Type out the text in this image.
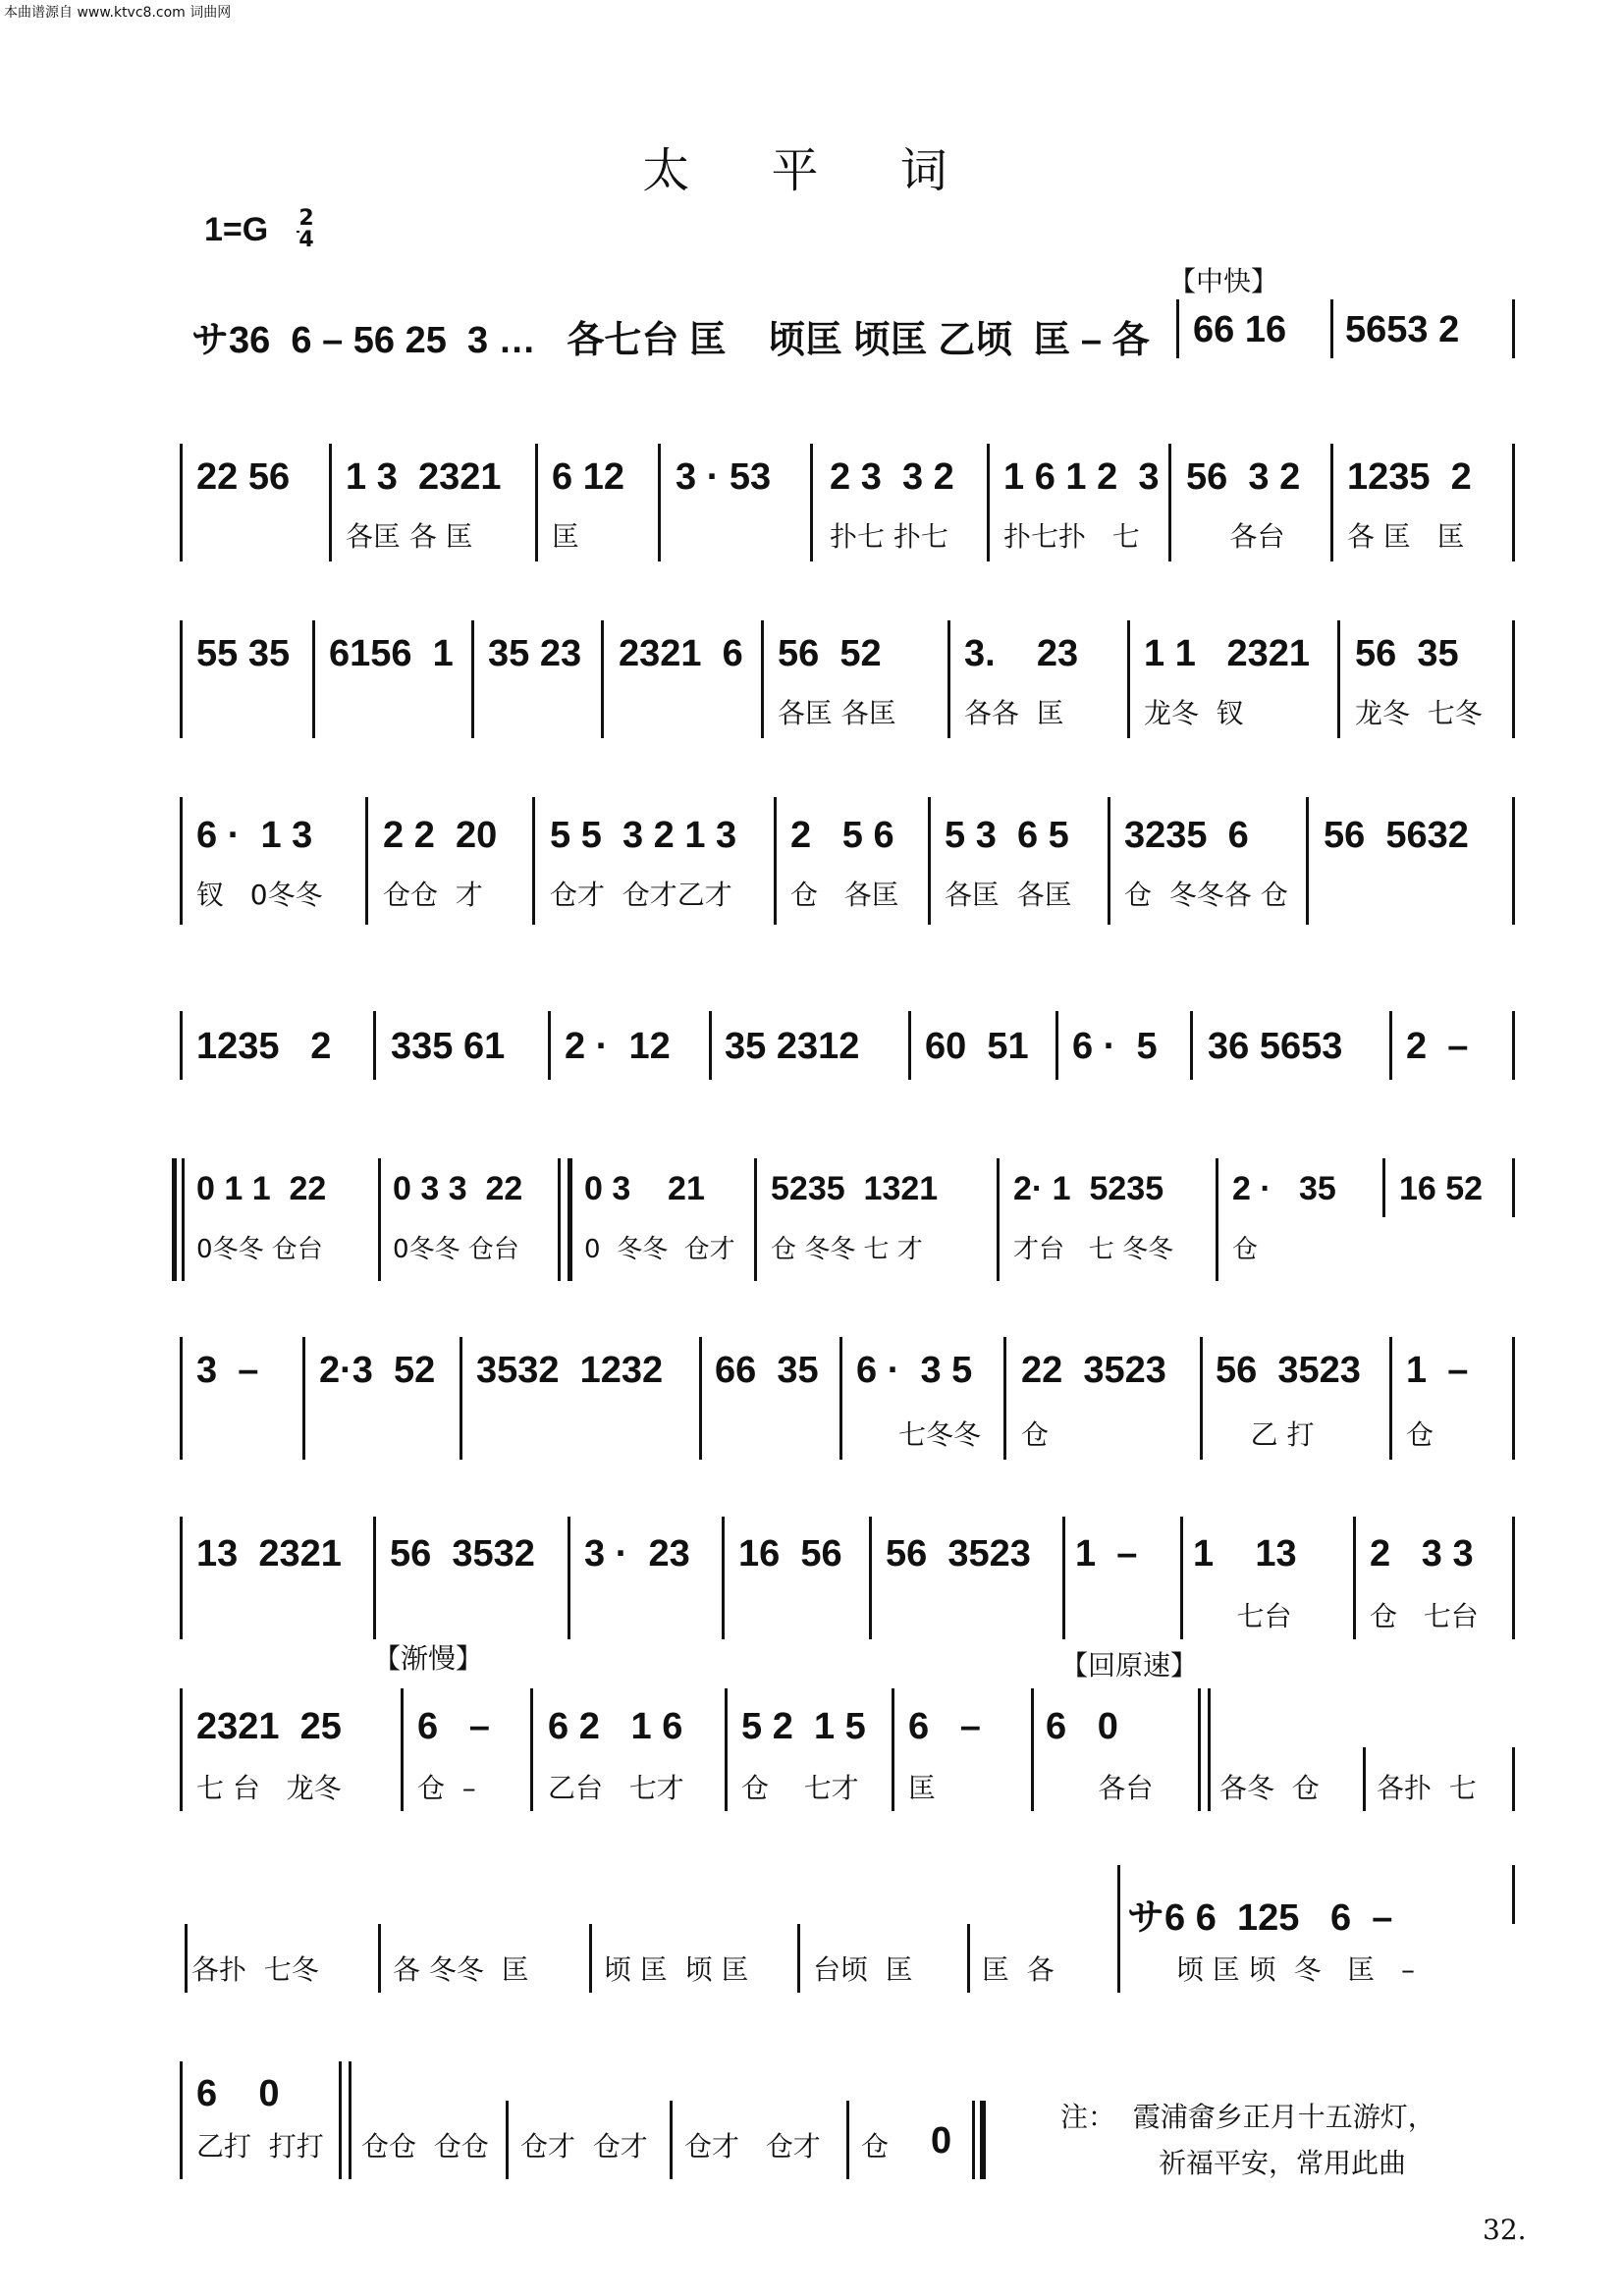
本曲谱源自 www.ktvc8.com 词曲网
太 平 词
1=G 2
4
【中快】
【渐慢】	【回原速】
サ36  6 – 56 25  3 …   各七台 匡    顷匡 顷匡 乙顷  匡 – 各 66 16 5653 2
22 56 1 3  2321
各匡 各 匡
6 12
匡
3 · 53 2 3  3 2
扑七 扑七
1 6 1 2  3
扑七扑   七
56  3 2
各台
1235  2
各 匡   匡
55 35 6156  1 35 23 2321  6 56  52
各匡 各匡
3.    23
各各  匡
1 1   2321
龙冬  钗
56  35
龙冬  七冬
6 ·  1 3
钗   0冬冬
2 2  20
仓仓  才
5 5  3 2 1 3
仓才  仓才乙才
2   5 6
仓   各匡
5 3  6 5
各匡  各匡
3235  6
仓  冬冬各 仓
56  5632
1235   2 335 61 2 ·  12 35 2312 60  51 6 ·  5 36 5653 2  –
0 1 1  22
0冬冬 仓台
0 3 3  22
0冬冬 仓台
0 3    21
0  冬冬  仓才
5235  1321
仓 冬冬 七 才
2· 1  5235
才台   七 冬冬
2 ·   35
仓
16 52
3  – 2·3  52 3532  1232 66  35 6 ·  3 5
七冬冬
22  3523
仓
56  3523
乙 打
1  –
仓
13  2321 56  3532 3 ·  23 16  56 56  3523 1  – 1    13
七台
2   3 3
仓   七台
2321  25
七 台   龙冬
6   –
仓  –
6 2   1 6
乙台   七才
5 2  1 5
仓    七才
6   –
匡
6   0
各台 各冬  仓 各扑  七
各扑  七冬	各 冬冬  匡	顷 匡  顷 匡 台顷  匡	匡  各
サ6 6  125   6  –
顷 匡 顷  冬   匡   –
6    0
乙打  打打 仓仓  仓仓 仓才  仓才 仓才   仓才 仓 0
注：  霞浦畲乡正月十五游灯，
祈福平安，常用此曲
32.
